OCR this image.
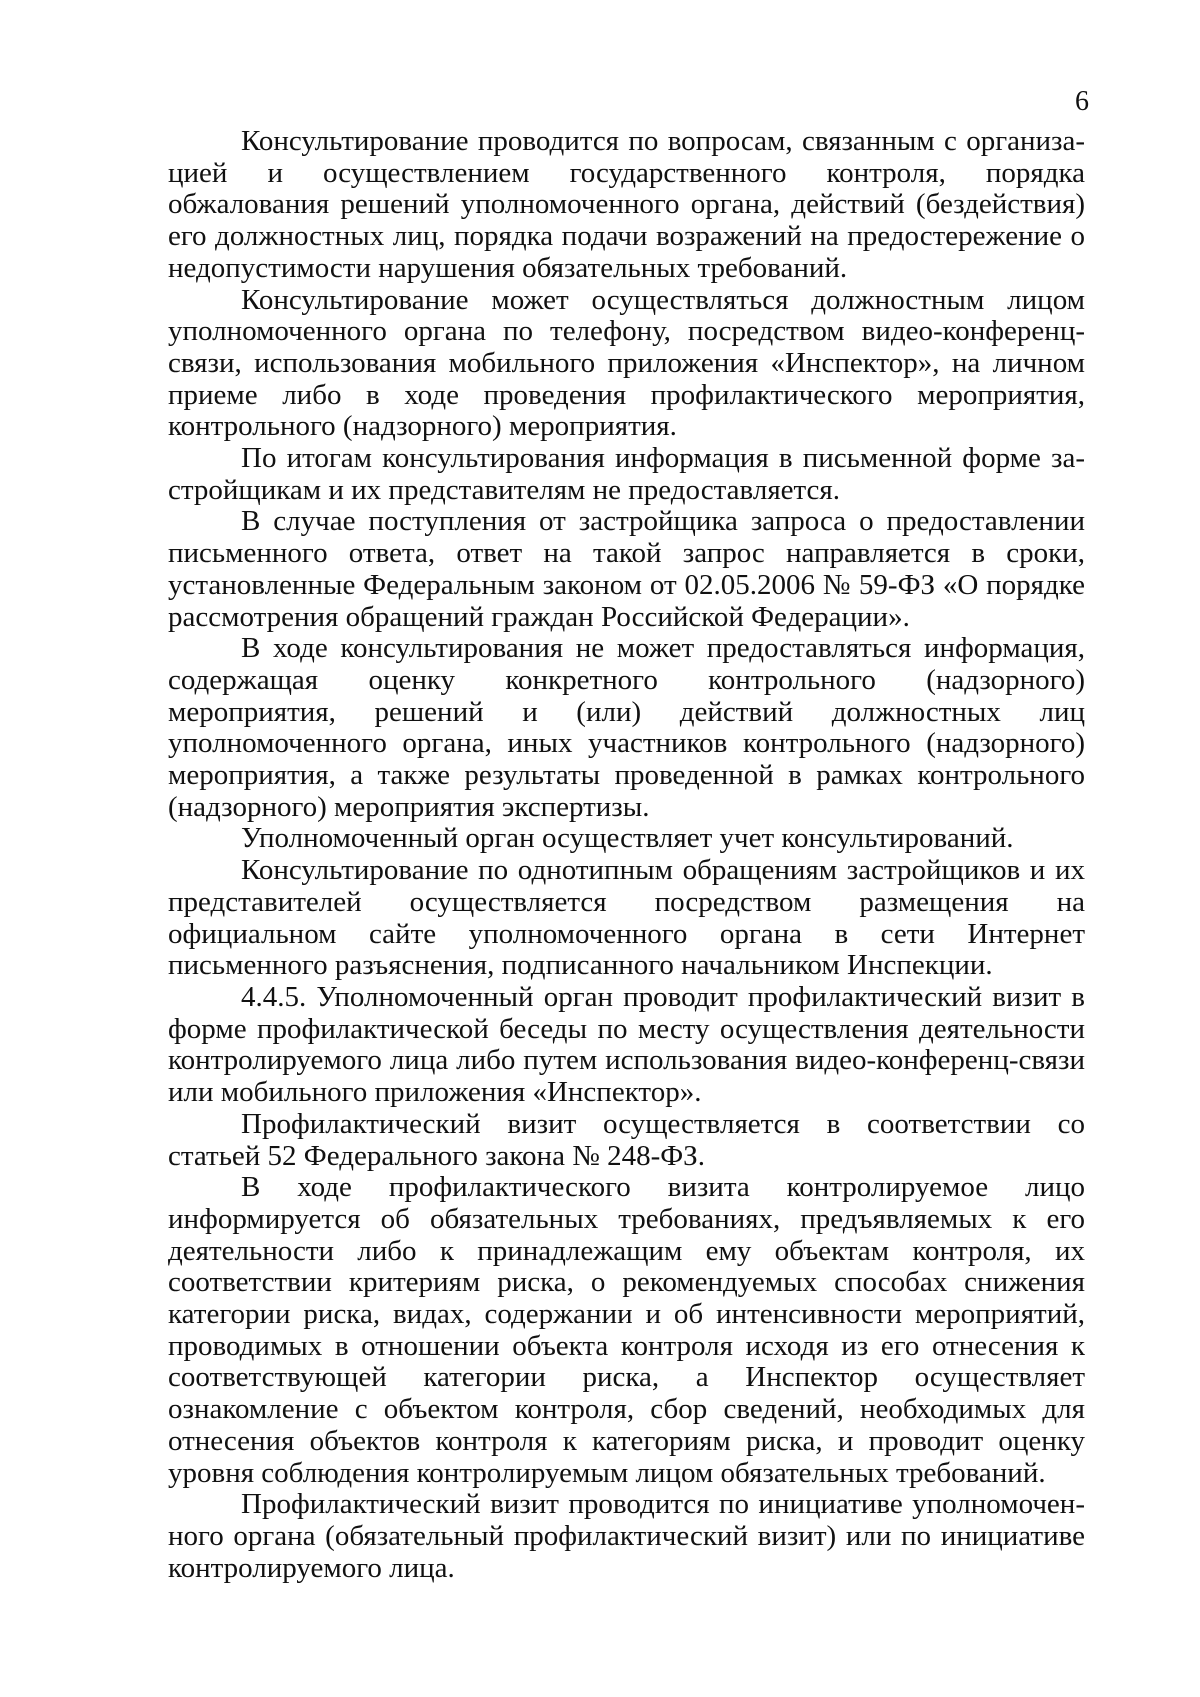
6

Консультирование проводится по вопросам, связанным с организацией и осуществлением государственного контроля, порядка обжалования решений уполномоченного органа, действий (бездействия) его должностных лиц, порядка подачи возражений на предостережение о недопустимости нарушения обязательных требований.

Консультирование может осуществляться должностным лицом уполномоченного органа по телефону, посредством видео-конференц-связи, использования мобильного приложения «Инспектор», на личном приеме либо в ходе проведения профилактического мероприятия, контрольного (надзорного) мероприятия.

По итогам консультирования информация в письменной форме застройщикам и их представителям не предоставляется.

В случае поступления от застройщика запроса о предоставлении письменного ответа, ответ на такой запрос направляется в сроки, установленные Федеральным законом от 02.05.2006 № 59-ФЗ «О порядке рассмотрения обращений граждан Российской Федерации».

В ходе консультирования не может предоставляться информация, содержащая оценку конкретного контрольного (надзорного) мероприятия, решений и (или) действий должностных лиц уполномоченного органа, иных участников контрольного (надзорного) мероприятия, а также результаты проведенной в рамках контрольного (надзорного) мероприятия экспертизы.

Уполномоченный орган осуществляет учет консультирований.

Консультирование по однотипным обращениям застройщиков и их представителей осуществляется посредством размещения на официальном сайте уполномоченного органа в сети Интернет письменного разъяснения, подписанного начальником Инспекции.

4.4.5. Уполномоченный орган проводит профилактический визит в форме профилактической беседы по месту осуществления деятельности контролируемого лица либо путем использования видео-конференц-связи или мобильного приложения «Инспектор».

Профилактический визит осуществляется в соответствии со статьей 52 Федерального закона № 248-ФЗ.

В ходе профилактического визита контролируемое лицо информируется об обязательных требованиях, предъявляемых к его деятельности либо к принадлежащим ему объектам контроля, их соответствии критериям риска, о рекомендуемых способах снижения категории риска, видах, содержании и об интенсивности мероприятий, проводимых в отношении объекта контроля исходя из его отнесения к соответствующей категории риска, а Инспектор осуществляет ознакомление с объектом контроля, сбор сведений, необходимых для отнесения объектов контроля к категориям риска, и проводит оценку уровня соблюдения контролируемым лицом обязательных требований.

Профилактический визит проводится по инициативе уполномоченного органа (обязательный профилактический визит) или по инициативе контролируемого лица.
